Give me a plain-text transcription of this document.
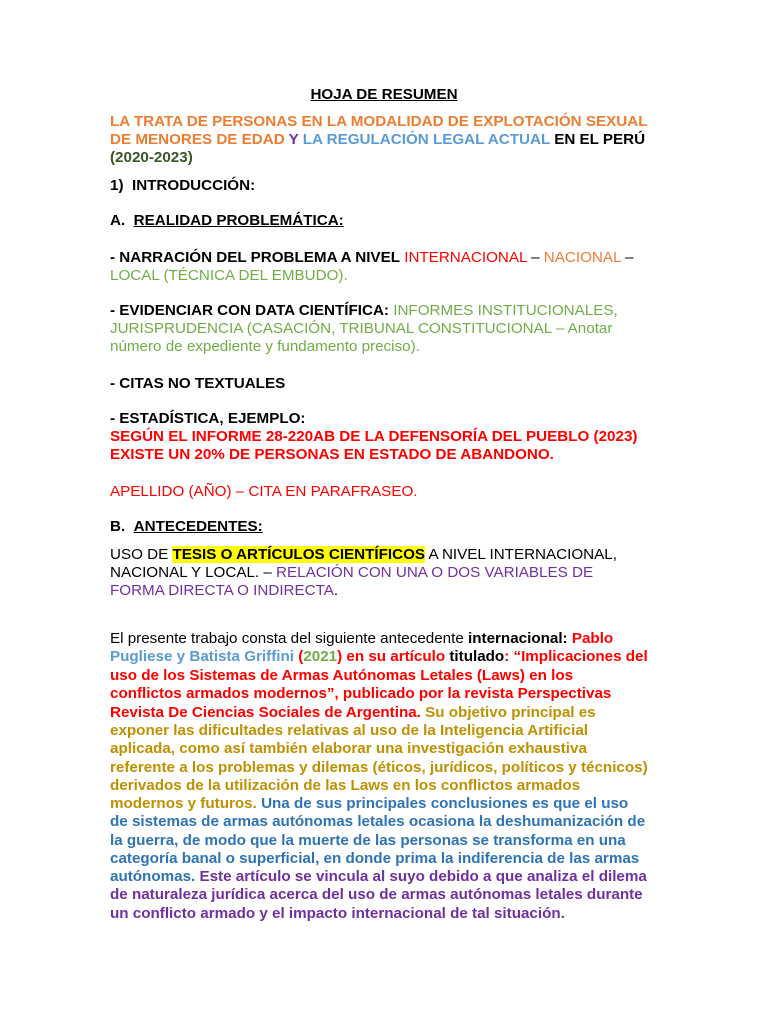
HOJA DE RESUMEN
LA TRATA DE PERSONAS EN LA MODALIDAD DE EXPLOTACIÓN SEXUAL
DE MENORES DE EDAD Y LA REGULACIÓN LEGAL ACTUAL EN EL PERÚ
(2020-2023)
1) INTRODUCCIÓN:
A. REALIDAD PROBLEMÁTICA:
- NARRACIÓN DEL PROBLEMA A NIVEL INTERNACIONAL – NACIONAL –
LOCAL (TÉCNICA DEL EMBUDO).
- EVIDENCIAR CON DATA CIENTÍFICA: INFORMES INSTITUCIONALES,
JURISPRUDENCIA (CASACIÓN, TRIBUNAL CONSTITUCIONAL – Anotar
número de expediente y fundamento preciso).
- CITAS NO TEXTUALES
- ESTADÍSTICA, EJEMPLO:
SEGÚN EL INFORME 28-220AB DE LA DEFENSORÍA DEL PUEBLO (2023)
EXISTE UN 20% DE PERSONAS EN ESTADO DE ABANDONO.
APELLIDO (AÑO) – CITA EN PARAFRASEO.
B. ANTECEDENTES:
USO DE TESIS O ARTÍCULOS CIENTÍFICOS A NIVEL INTERNACIONAL,
NACIONAL Y LOCAL. – RELACIÓN CON UNA O DOS VARIABLES DE
FORMA DIRECTA O INDIRECTA.
El presente trabajo consta del siguiente antecedente internacional: Pablo
Pugliese y Batista Griffini (2021) en su artículo titulado: “Implicaciones del
uso de los Sistemas de Armas Autónomas Letales (Laws) en los
conflictos armados modernos”, publicado por la revista Perspectivas
Revista De Ciencias Sociales de Argentina. Su objetivo principal es
exponer las dificultades relativas al uso de la Inteligencia Artificial
aplicada, como así también elaborar una investigación exhaustiva
referente a los problemas y dilemas (éticos, jurídicos, políticos y técnicos)
derivados de la utilización de las Laws en los conflictos armados
modernos y futuros. Una de sus principales conclusiones es que el uso
de sistemas de armas autónomas letales ocasiona la deshumanización de
la guerra, de modo que la muerte de las personas se transforma en una
categoría banal o superficial, en donde prima la indiferencia de las armas
autónomas. Este artículo se vincula al suyo debido a que analiza el dilema
de naturaleza jurídica acerca del uso de armas autónomas letales durante
un conflicto armado y el impacto internacional de tal situación.
